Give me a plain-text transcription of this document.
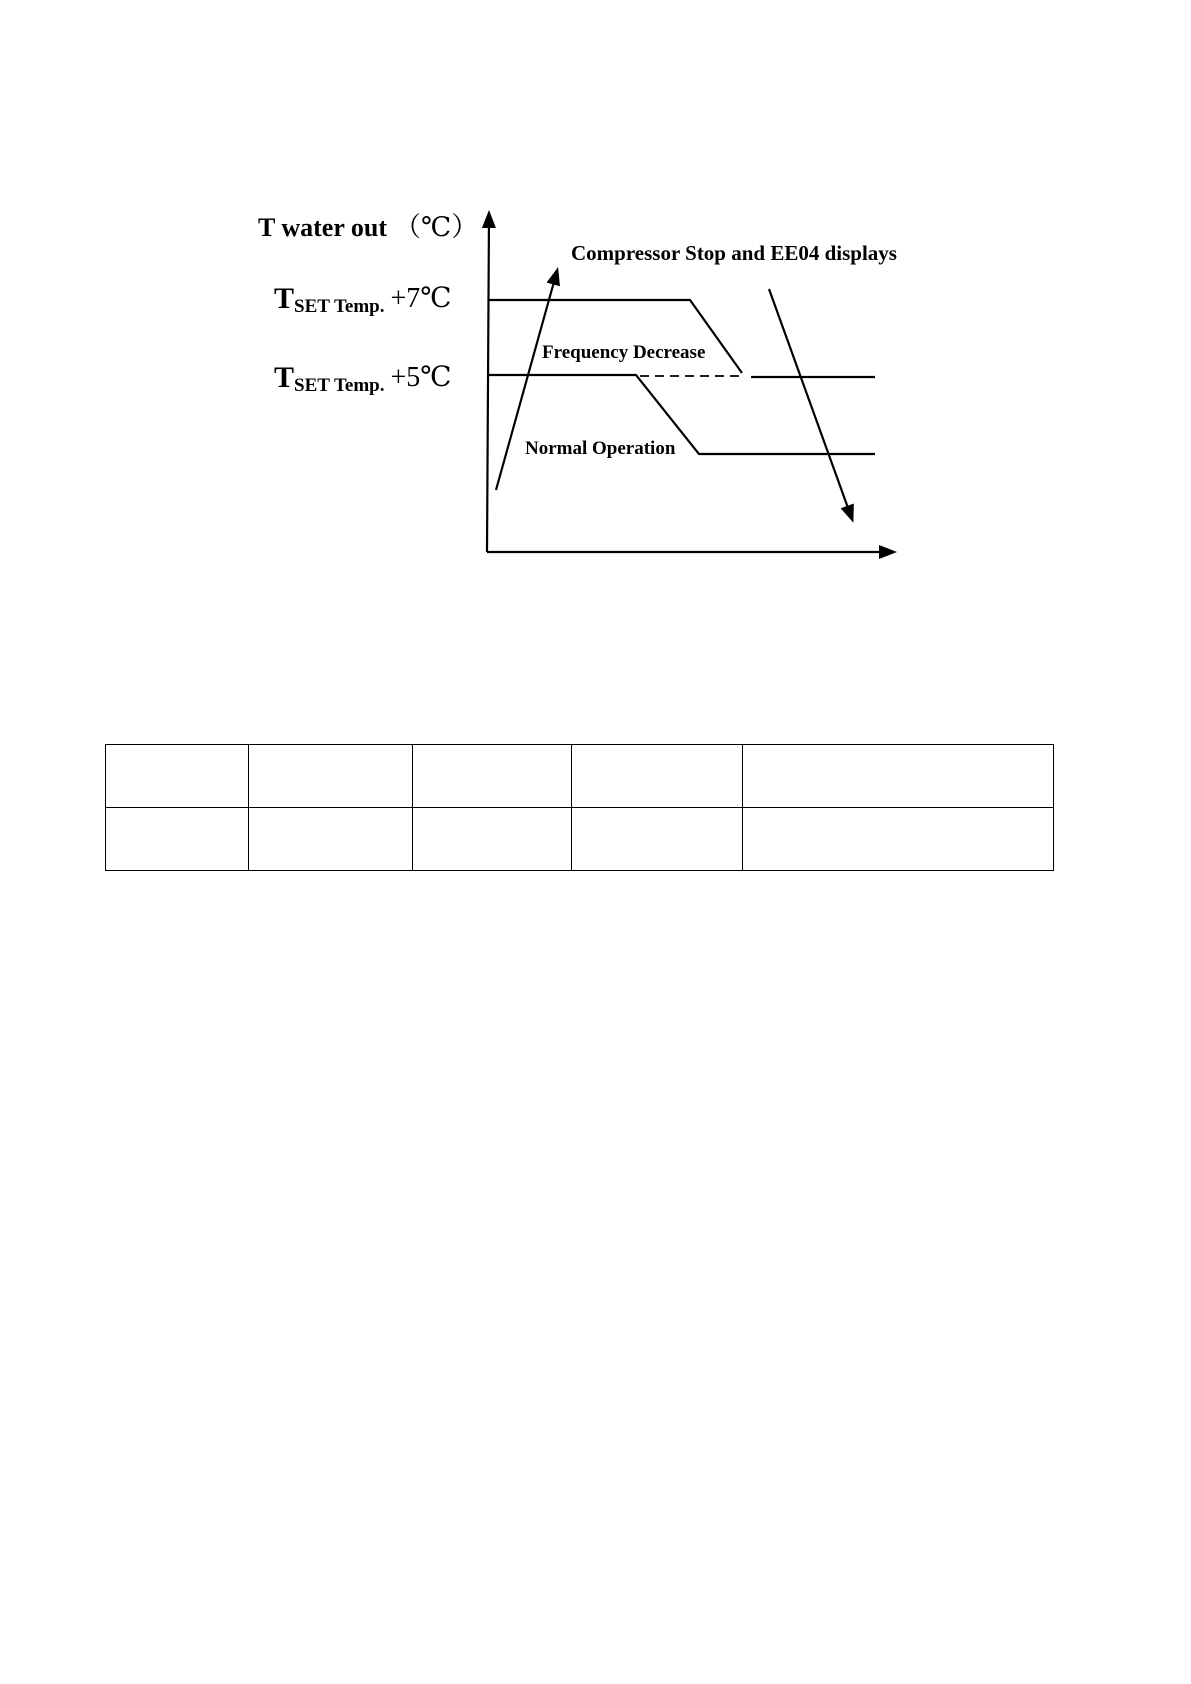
T water out （℃）
TSET Temp. +7℃
TSET Temp. +5℃
Compressor Stop and EE04 displays
Frequency Decrease
Normal Operation
